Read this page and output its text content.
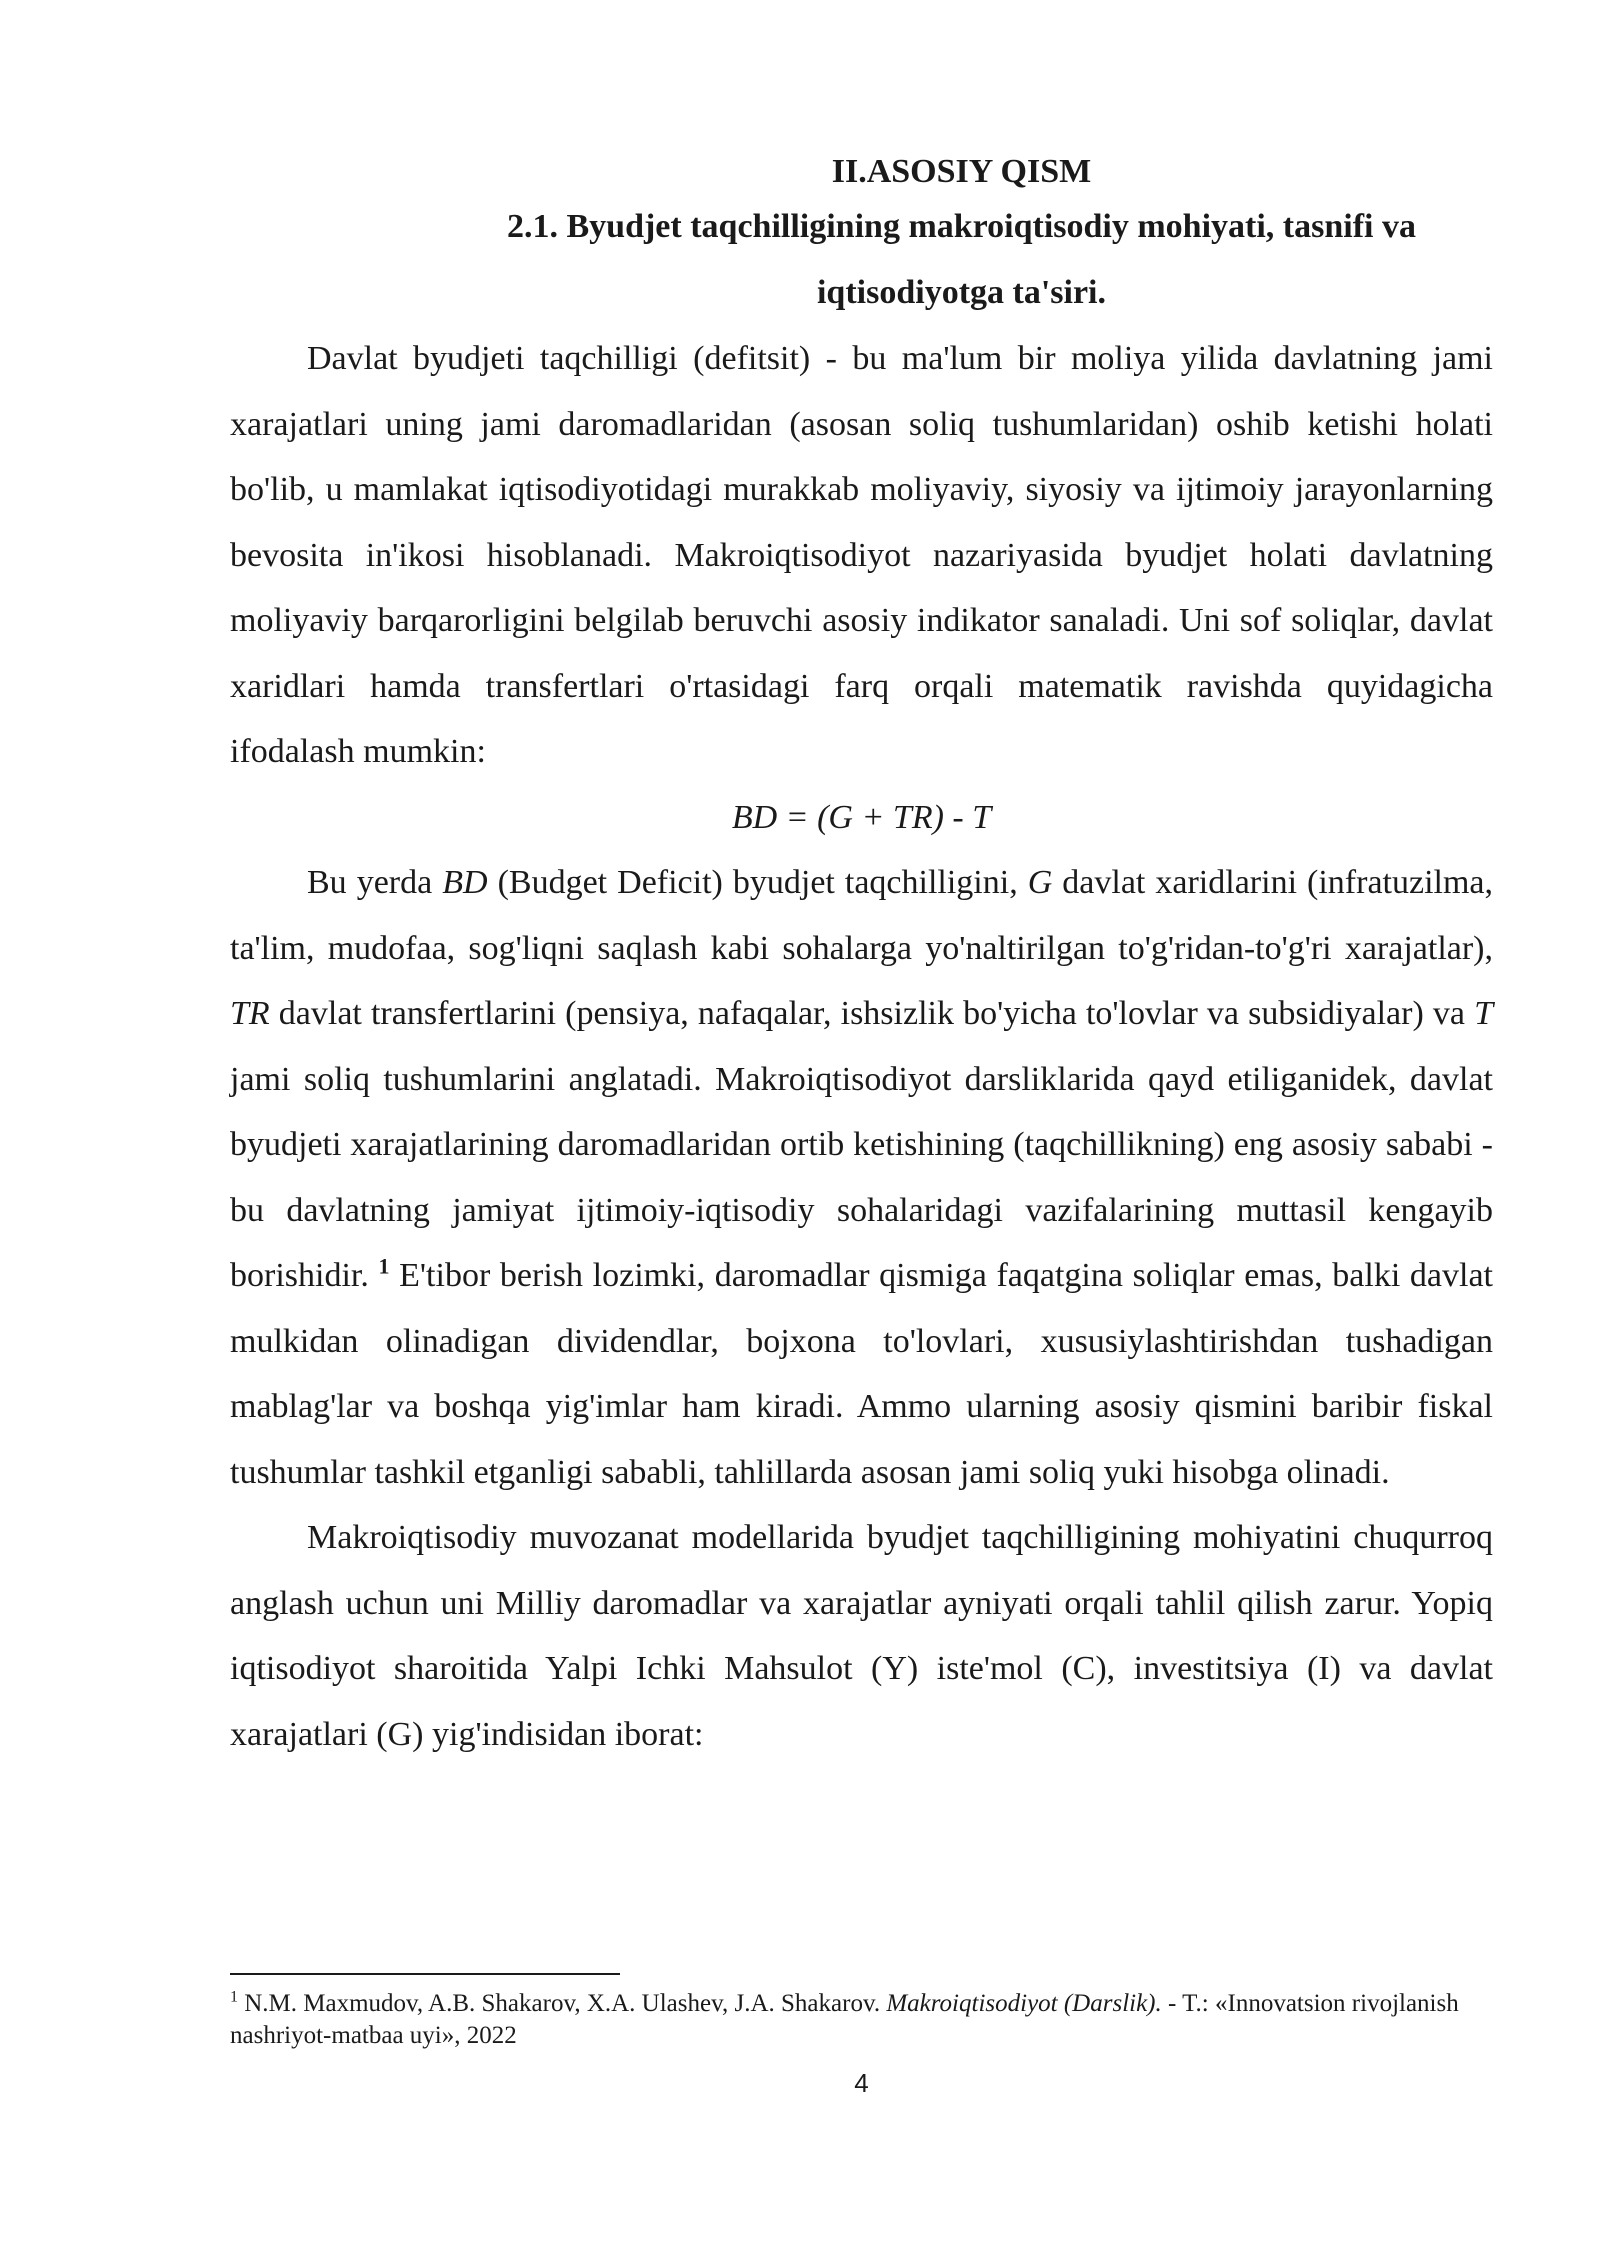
II.ASOSIY QISM

2.1. Byudjet taqchilligining makroiqtisodiy mohiyati, tasnifi va
iqtisodiyotga ta'siri.

Davlat byudjeti taqchilligi (defitsit) - bu ma'lum bir moliya yilida davlatning jami xarajatlari uning jami daromadlaridan (asosan soliq tushumlaridan) oshib ketishi holati bo'lib, u mamlakat iqtisodiyotidagi murakkab moliyaviy, siyosiy va ijtimoiy jarayonlarning bevosita in'ikosi hisoblanadi. Makroiqtisodiyot nazariyasida byudjet holati davlatning moliyaviy barqarorligini belgilab beruvchi asosiy indikator sanaladi. Uni sof soliqlar, davlat xaridlari hamda transfertlari o'rtasidagi farq orqali matematik ravishda quyidagicha ifodalash mumkin:

BD = (G + TR) - T

Bu yerda BD (Budget Deficit) byudjet taqchilligini, G davlat xaridlarini (infratuzilma, ta'lim, mudofaa, sog'liqni saqlash kabi sohalarga yo'naltirilgan to'g'ridan-to'g'ri xarajatlar), TR davlat transfertlarini (pensiya, nafaqalar, ishsizlik bo'yicha to'lovlar va subsidiyalar) va T jami soliq tushumlarini anglatadi. Makroiqtisodiyot darsliklarida qayd etiliganidek, davlat byudjeti xarajatlarining daromadlaridan ortib ketishining (taqchillikning) eng asosiy sababi - bu davlatning jamiyat ijtimoiy-iqtisodiy sohalaridagi vazifalarining muttasil kengayib borishidir. $^1$ E'tibor berish lozimki, daromadlar qismiga faqatgina soliqlar emas, balki davlat mulkidan olinadigan dividendlar, bojxona to'lovlari, xususiylashtirishdan tushadigan mablag'lar va boshqa yig'imlar ham kiradi. Ammo ularning asosiy qismini baribir fiskal tushumlar tashkil etganligi sababli, tahlillarda asosan jami soliq yuki hisobga olinadi.

Makroiqtisodiy muvozanat modellarida byudjet taqchilligining mohiyatini chuqurroq anglash uchun uni Milliy daromadlar va xarajatlar ayniyati orqali tahlil qilish zarur. Yopiq iqtisodiyot sharoitida Yalpi Ichki Mahsulot (Y) iste'mol (C), investitsiya (I) va davlat xarajatlari (G) yig'indisidan iborat:

$^1$ N.M. Maxmudov, A.B. Shakarov, X.A. Ulashev, J.A. Shakarov. Makroiqtisodiyot (Darslik). - T.: «Innovatsion rivojlanish nashriyot-matbaa uyi», 2022

4
